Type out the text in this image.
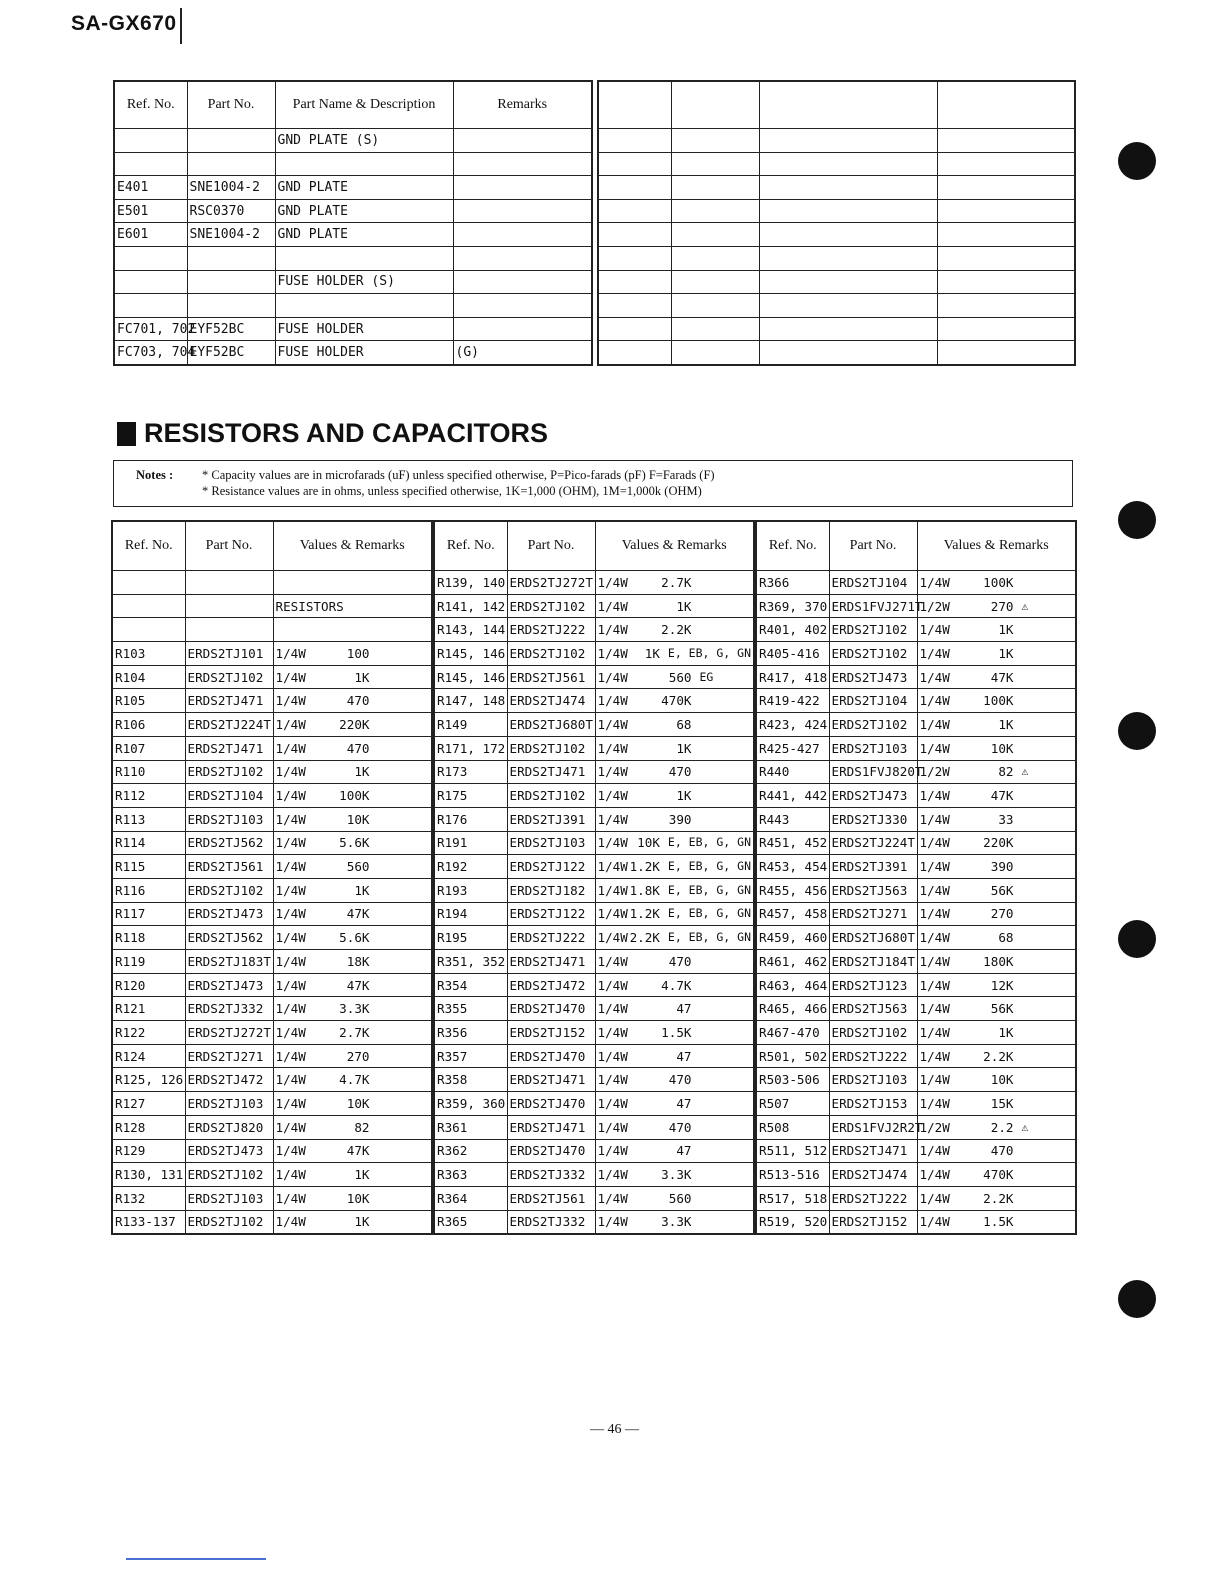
SA-GX670
Ref. No.	Part No.	Part Name & Description	Remarks
		GND PLATE (S)	

E401	SNE1004-2	GND PLATE	
E501	RSC0370	GND PLATE	
E601	SNE1004-2	GND PLATE	

		FUSE HOLDER (S)	

FC701, 702	EYF52BC	FUSE HOLDER	
FC703, 704	EYF52BC	FUSE HOLDER	(G)

RESISTORS AND CAPACITORS
Notes : * Capacity values are in microfarads (uF) unless specified otherwise, P=Pico-farads (pF) F=Farads (F)
* Resistance values are in ohms, unless specified otherwise, 1K=1,000 (OHM), 1M=1,000k (OHM)
Ref. No.	Part No.	Values & Remarks

		RESISTORS

R103	ERDS2TJ101	1/4W 100

R104	ERDS2TJ102	1/4W 1K

R105	ERDS2TJ471	1/4W 470

R106	ERDS2TJ224T	1/4W 220K

R107	ERDS2TJ471	1/4W 470

R110	ERDS2TJ102	1/4W 1K

R112	ERDS2TJ104	1/4W 100K

R113	ERDS2TJ103	1/4W 10K

R114	ERDS2TJ562	1/4W 5.6K

R115	ERDS2TJ561	1/4W 560

R116	ERDS2TJ102	1/4W 1K

R117	ERDS2TJ473	1/4W 47K

R118	ERDS2TJ562	1/4W 5.6K

R119	ERDS2TJ183T	1/4W 18K

R120	ERDS2TJ473	1/4W 47K

R121	ERDS2TJ332	1/4W 3.3K

R122	ERDS2TJ272T	1/4W 2.7K

R124	ERDS2TJ271	1/4W 270

R125, 126	ERDS2TJ472	1/4W 4.7K

R127	ERDS2TJ103	1/4W 10K

R128	ERDS2TJ820	1/4W 82

R129	ERDS2TJ473	1/4W 47K

R130, 131	ERDS2TJ102	1/4W 1K

R132	ERDS2TJ103	1/4W 10K

R133-137	ERDS2TJ102	1/4W 1K
Ref. No.	Part No.	Values & Remarks
R139, 140	ERDS2TJ272T	1/4W 2.7K

R141, 142	ERDS2TJ102	1/4W 1K

R143, 144	ERDS2TJ222	1/4W 2.2K

R145, 146	ERDS2TJ102	1/4W 1K E, EB, G, GN

R145, 146	ERDS2TJ561	1/4W 560 EG

R147, 148	ERDS2TJ474	1/4W 470K

R149	ERDS2TJ680T	1/4W 68

R171, 172	ERDS2TJ102	1/4W 1K

R173	ERDS2TJ471	1/4W 470

R175	ERDS2TJ102	1/4W 1K

R176	ERDS2TJ391	1/4W 390

R191	ERDS2TJ103	1/4W 10K E, EB, G, GN

R192	ERDS2TJ122	1/4W 1.2K E, EB, G, GN

R193	ERDS2TJ182	1/4W 1.8K E, EB, G, GN

R194	ERDS2TJ122	1/4W 1.2K E, EB, G, GN

R195	ERDS2TJ222	1/4W 2.2K E, EB, G, GN

R351, 352	ERDS2TJ471	1/4W 470

R354	ERDS2TJ472	1/4W 4.7K

R355	ERDS2TJ470	1/4W 47

R356	ERDS2TJ152	1/4W 1.5K

R357	ERDS2TJ470	1/4W 47

R358	ERDS2TJ471	1/4W 470

R359, 360	ERDS2TJ470	1/4W 47

R361	ERDS2TJ471	1/4W 470

R362	ERDS2TJ470	1/4W 47

R363	ERDS2TJ332	1/4W 3.3K

R364	ERDS2TJ561	1/4W 560

R365	ERDS2TJ332	1/4W 3.3K
Ref. No.	Part No.	Values & Remarks
R366	ERDS2TJ104	1/4W 100K

R369, 370	ERDS1FVJ271T	1/2W 270 ⚠

R401, 402	ERDS2TJ102	1/4W 1K

R405-416	ERDS2TJ102	1/4W 1K

R417, 418	ERDS2TJ473	1/4W 47K

R419-422	ERDS2TJ104	1/4W 100K

R423, 424	ERDS2TJ102	1/4W 1K

R425-427	ERDS2TJ103	1/4W 10K

R440	ERDS1FVJ820T	1/2W 82 ⚠

R441, 442	ERDS2TJ473	1/4W 47K

R443	ERDS2TJ330	1/4W 33

R451, 452	ERDS2TJ224T	1/4W 220K

R453, 454	ERDS2TJ391	1/4W 390

R455, 456	ERDS2TJ563	1/4W 56K

R457, 458	ERDS2TJ271	1/4W 270

R459, 460	ERDS2TJ680T	1/4W 68

R461, 462	ERDS2TJ184T	1/4W 180K

R463, 464	ERDS2TJ123	1/4W 12K

R465, 466	ERDS2TJ563	1/4W 56K

R467-470	ERDS2TJ102	1/4W 1K

R501, 502	ERDS2TJ222	1/4W 2.2K

R503-506	ERDS2TJ103	1/4W 10K

R507	ERDS2TJ153	1/4W 15K

R508	ERDS1FVJ2R2T	1/2W 2.2 ⚠

R511, 512	ERDS2TJ471	1/4W 470

R513-516	ERDS2TJ474	1/4W 470K

R517, 518	ERDS2TJ222	1/4W 2.2K

R519, 520	ERDS2TJ152	1/4W 1.5K
— 46 —
